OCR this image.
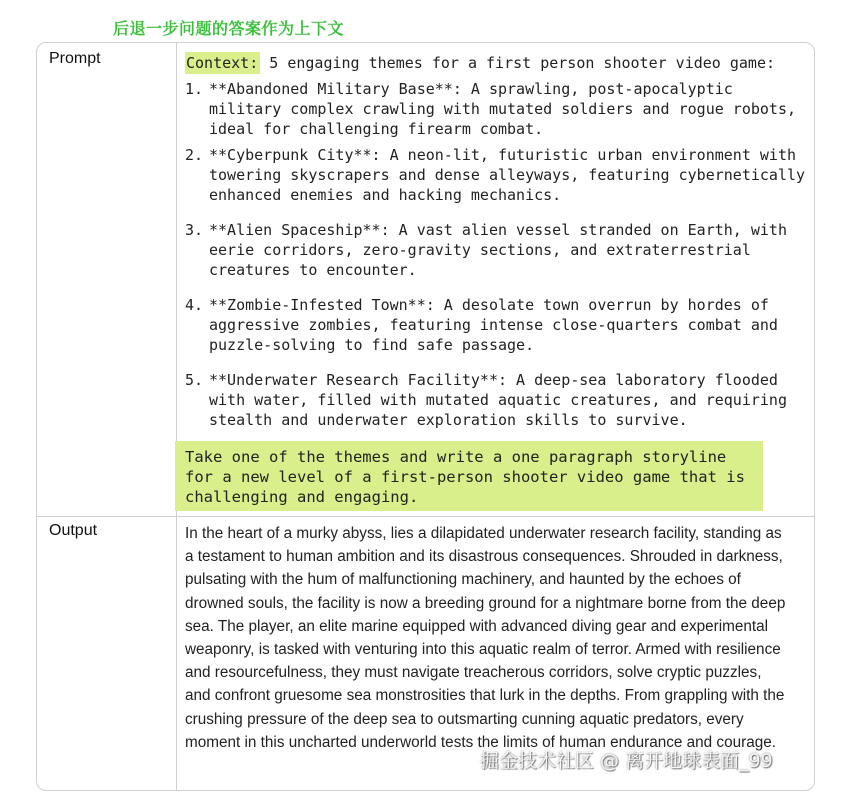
后退一步问题的答案作为上下文
Prompt
Output
Context: 5 engaging themes for a first person shooter video game:
1. **Abandoned Military Base**: A sprawling, post-apocalyptic military complex crawling with mutated soldiers and rogue robots, ideal for challenging firearm combat.
2. **Cyberpunk City**: A neon-lit, futuristic urban environment with towering skyscrapers and dense alleyways, featuring cybernetically enhanced enemies and hacking mechanics.
3. **Alien Spaceship**: A vast alien vessel stranded on Earth, with eerie corridors, zero-gravity sections, and extraterrestrial creatures to encounter.
4. **Zombie-Infested Town**: A desolate town overrun by hordes of aggressive zombies, featuring intense close-quarters combat and puzzle-solving to find safe passage.
5. **Underwater Research Facility**: A deep-sea laboratory flooded with water, filled with mutated aquatic creatures, and requiring stealth and underwater exploration skills to survive.
Take one of the themes and write a one paragraph storyline for a new level of a first-person shooter video game that is challenging and engaging.
In the heart of a murky abyss, lies a dilapidated underwater research facility, standing as a testament to human ambition and its disastrous consequences. Shrouded in darkness, pulsating with the hum of malfunctioning machinery, and haunted by the echoes of drowned souls, the facility is now a breeding ground for a nightmare borne from the deep sea. The player, an elite marine equipped with advanced diving gear and experimental weaponry, is tasked with venturing into this aquatic realm of terror. Armed with resilience and resourcefulness, they must navigate treacherous corridors, solve cryptic puzzles, and confront gruesome sea monstrosities that lurk in the depths. From grappling with the crushing pressure of the deep sea to outsmarting cunning aquatic predators, every moment in this uncharted underworld tests the limits of human endurance and courage.
掘金技术社区 @ 离开地球表面_99
